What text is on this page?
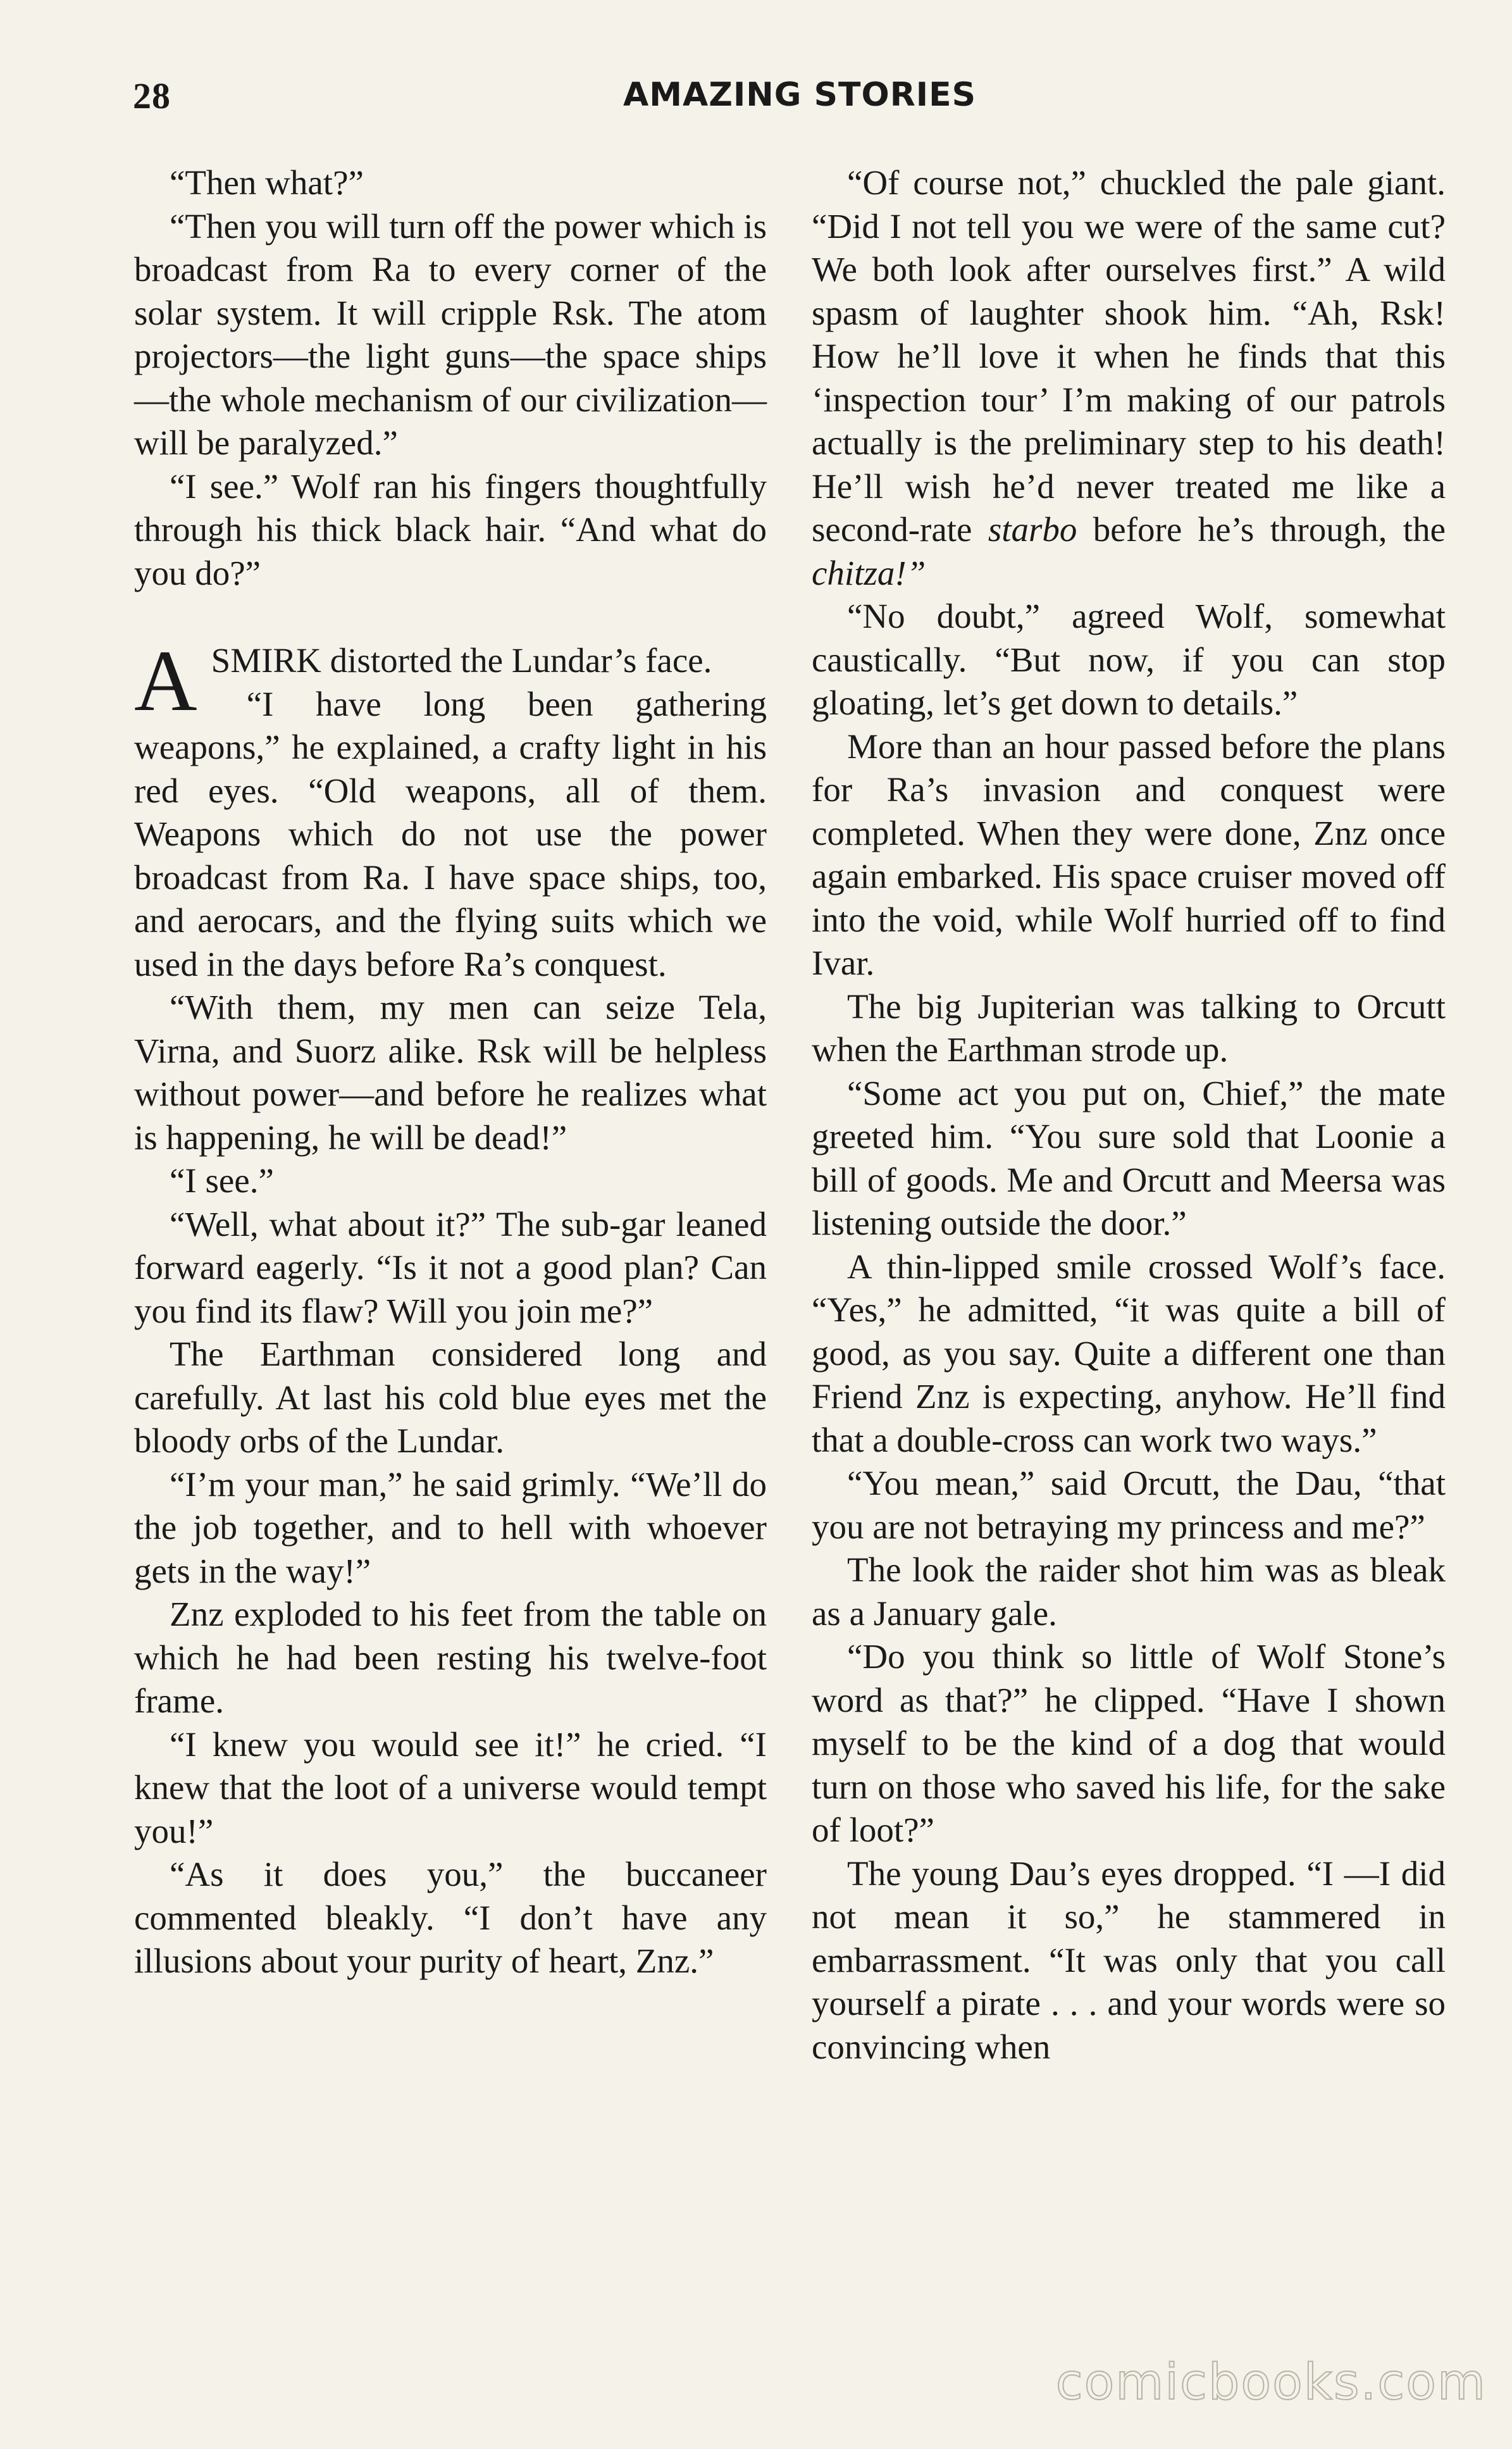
28	AMAZING STORIES

“Then what?”

“Then you will turn off the power which is broadcast from Ra to every corner of the solar system. It will cripple Rsk. The atom projectors—the light guns—the space ships—the whole mechanism of our civilization—will be paralyzed.”

“I see.” Wolf ran his fingers thoughtfully through his thick black hair. “And what do you do?”

A SMIRK distorted the Lundar’s face.

“I have long been gathering weapons,” he explained, a crafty light in his red eyes. “Old weapons, all of them. Weapons which do not use the power broadcast from Ra. I have space ships, too, and aerocars, and the flying suits which we used in the days before Ra’s conquest.

“With them, my men can seize Tela, Virna, and Suorz alike. Rsk will be helpless without power—and before he realizes what is happening, he will be dead!”

“I see.”

“Well, what about it?” The sub-gar leaned forward eagerly. “Is it not a good plan? Can you find its flaw? Will you join me?”

The Earthman considered long and carefully. At last his cold blue eyes met the bloody orbs of the Lundar.

“I’m your man,” he said grimly. “We’ll do the job together, and to hell with whoever gets in the way!”

Znz exploded to his feet from the table on which he had been resting his twelve-foot frame.

“I knew you would see it!” he cried. “I knew that the loot of a universe would tempt you!”

“As it does you,” the buccaneer commented bleakly. “I don’t have any illusions about your purity of heart, Znz.”

“Of course not,” chuckled the pale giant. “Did I not tell you we were of the same cut? We both look after ourselves first.” A wild spasm of laughter shook him. “Ah, Rsk! How he’ll love it when he finds that this ‘inspection tour’ I’m making of our patrols actually is the preliminary step to his death! He’ll wish he’d never treated me like a second-rate starbo before he’s through, the chitza!”

“No doubt,” agreed Wolf, somewhat caustically. “But now, if you can stop gloating, let’s get down to details.”

More than an hour passed before the plans for Ra’s invasion and conquest were completed. When they were done, Znz once again embarked. His space cruiser moved off into the void, while Wolf hurried off to find Ivar.

The big Jupiterian was talking to Orcutt when the Earthman strode up.

“Some act you put on, Chief,” the mate greeted him. “You sure sold that Loonie a bill of goods. Me and Orcutt and Meersa was listening outside the door.”

A thin-lipped smile crossed Wolf’s face. “Yes,” he admitted, “it was quite a bill of good, as you say. Quite a different one than Friend Znz is expecting, anyhow. He’ll find that a double-cross can work two ways.”

“You mean,” said Orcutt, the Dau, “that you are not betraying my princess and me?”

The look the raider shot him was as bleak as a January gale.

“Do you think so little of Wolf Stone’s word as that?” he clipped. “Have I shown myself to be the kind of a dog that would turn on those who saved his life, for the sake of loot?”

The young Dau’s eyes dropped. “I —I did not mean it so,” he stammered in embarrassment. “It was only that you call yourself a pirate . . . and your words were so convincing when

comicbooks.com
